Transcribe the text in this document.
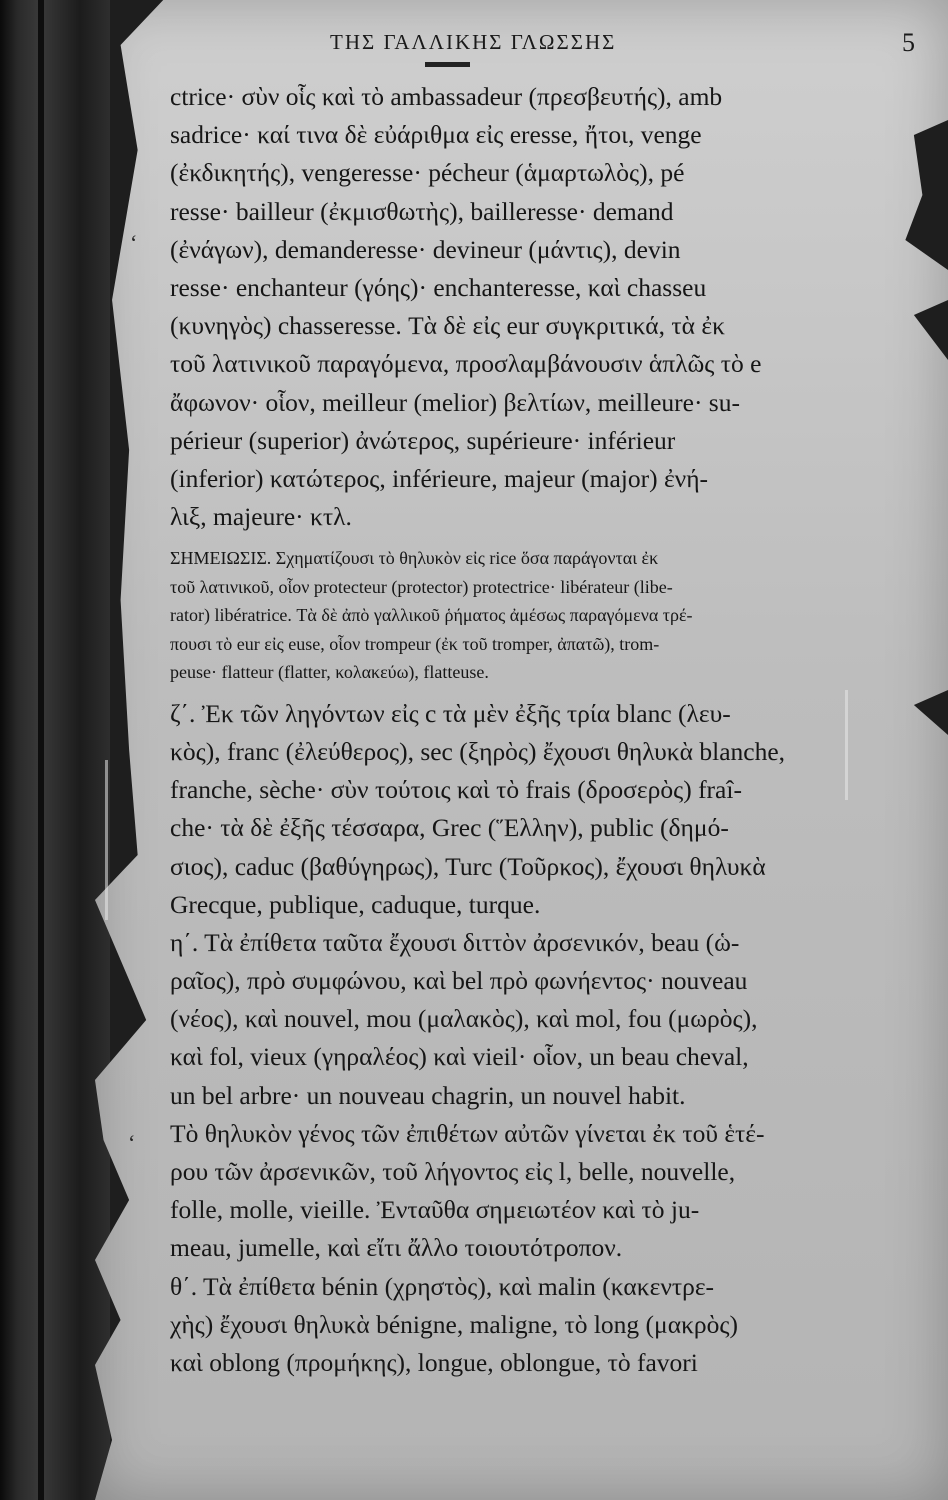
ΤΗΣ ΓΑΛΛΙΚΗΣ ΓΛΩΣΣΗΣ	5
ʻ
ʻ
ctrice· σὺν οἷς καὶ τὸ ambassadeur (πρεσβευτής), amb
sadrice· καί τινα δὲ εὐάριθμα εἰς eresse, ἤτοι, venge
(ἐκδικητής), vengeresse· pécheur (ἁμαρτωλὸς), pé
resse· bailleur (ἐκμισθωτὴς), bailleresse· demand
(ἐνάγων), demanderesse· devineur (μάντις), devin
resse· enchanteur (γόης)· enchanteresse, καὶ chasseu
(κυνηγὸς) chasseresse. Τὰ δὲ εἰς eur συγκριτικά, τὰ ἐκ
τοῦ λατινικοῦ παραγόμενα, προσλαμβάνουσιν ἁπλῶς τὸ e
ἄφωνον· οἷον, meilleur (melior) βελτίων, meilleure· su-
périeur (superior) ἀνώτερος, supérieure· inférieur
(inferior) κατώτερος, inférieure, majeur (major) ἐνή-
λιξ, majeure· κτλ.
ΣΗΜΕΙΩΣΙΣ. Σχηματίζουσι τὸ θηλυκὸν εἰς rice ὅσα παράγονται ἐκ
τοῦ λατινικοῦ, οἷον protecteur (protector) protectrice· libérateur (libe-
rator) libératrice. Τὰ δὲ ἀπὸ γαλλικοῦ ῥήματος ἀμέσως παραγόμενα τρέ-
πουσι τὸ eur εἰς euse, οἷον trompeur (ἐκ τοῦ tromper, ἀπατῶ), trom-
peuse· flatteur (flatter, κολακεύω), flatteuse.
ζ΄. Ἐκ τῶν ληγόντων εἰς c τὰ μὲν ἐξῆς τρία blanc (λευ-
κὸς), franc (ἐλεύθερος), sec (ξηρὸς) ἔχουσι θηλυκὰ blanche,
franche, sèche· σὺν τούτοις καὶ τὸ frais (δροσερὸς) fraî-
che· τὰ δὲ ἐξῆς τέσσαρα, Grec (Ἕλλην), public (δημό-
σιος), caduc (βαθύγηρως), Turc (Τοῦρκος), ἔχουσι θηλυκὰ
Grecque, publique, caduque, turque.
η΄. Τὰ ἐπίθετα ταῦτα ἔχουσι διττὸν ἀρσενικόν, beau (ὡ-
ραῖος), πρὸ συμφώνου, καὶ bel πρὸ φωνήεντος· nouveau
(νέος), καὶ nouvel, mou (μαλακὸς), καὶ mol, fou (μωρὸς),
καὶ fol, vieux (γηραλέος) καὶ vieil· οἷον, un beau cheval,
un bel arbre· un nouveau chagrin, un nouvel habit.
Τὸ θηλυκὸν γένος τῶν ἐπιθέτων αὐτῶν γίνεται ἐκ τοῦ ἑτέ-
ρου τῶν ἀρσενικῶν, τοῦ λήγοντος εἰς l, belle, nouvelle,
folle, molle, vieille. Ἐνταῦθα σημειωτέον καὶ τὸ ju-
meau, jumelle, καὶ εἴτι ἄλλο τοιουτότροπον.
θ΄. Τὰ ἐπίθετα bénin (χρηστὸς), καὶ malin (κακεντρε-
χὴς) ἔχουσι θηλυκὰ bénigne, maligne, τὸ long (μακρὸς)
καὶ oblong (προμήκης), longue, oblongue, τὸ favori
